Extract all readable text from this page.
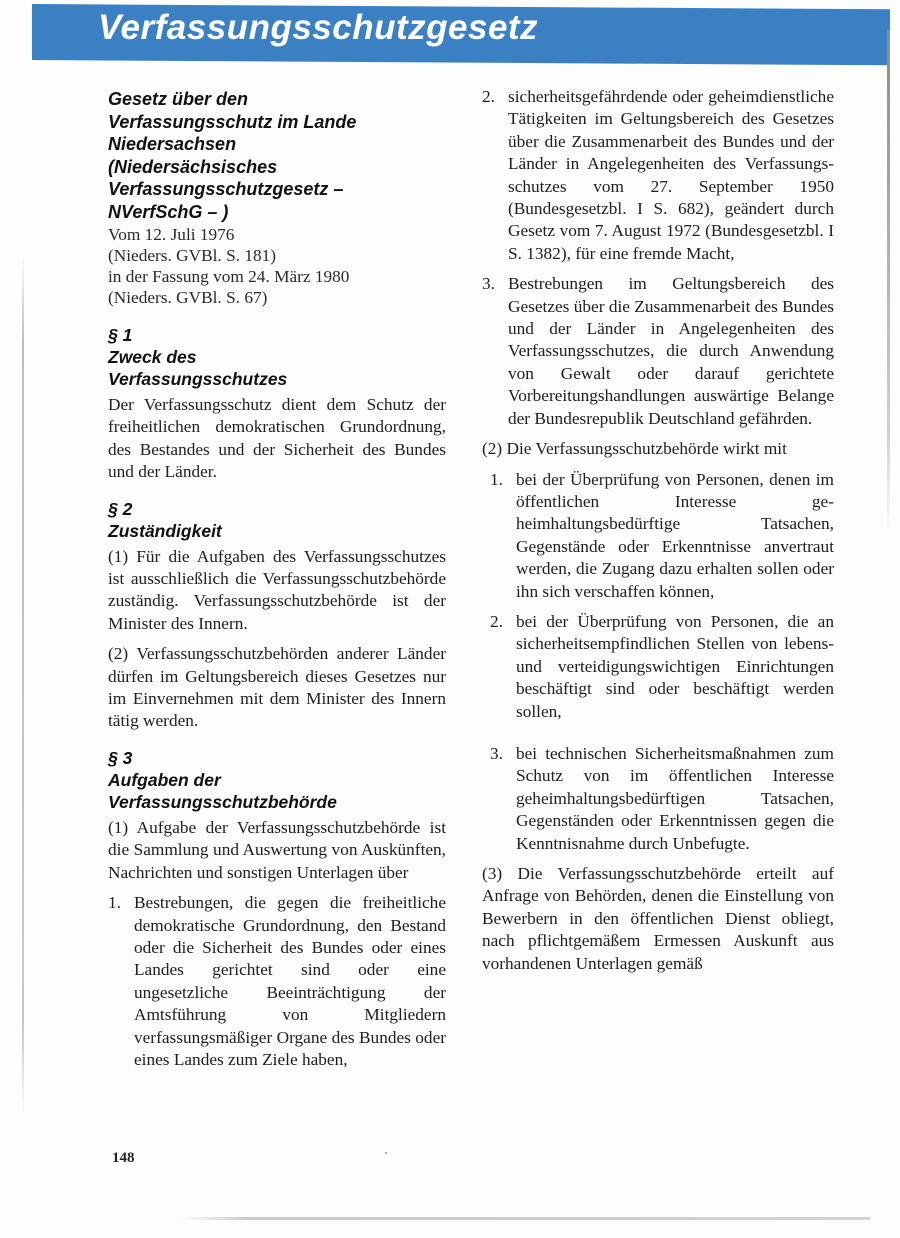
Verfassungsschutzgesetz

Gesetz über den
Verfassungsschutz im Lande
Niedersachsen
(Niedersächsisches
Verfassungsschutzgesetz –
NVerfSchG – )

Vom 12. Juli 1976
(Nieders. GVBl. S. 181)
in der Fassung vom 24. März 1980
(Nieders. GVBl. S. 67)

§ 1
Zweck des
Verfassungsschutzes

Der Verfassungsschutz dient dem Schutz der freiheitlichen demokratischen Grundordnung, des Bestandes und der Sicherheit des Bundes und der Länder.

§ 2
Zuständigkeit

(1) Für die Aufgaben des Verfassungsschutzes ist ausschließlich die Verfassungsschutzbehörde zuständig. Verfassungsschutzbehörde ist der Minister des Innern.

(2) Verfassungsschutzbehörden anderer Länder dürfen im Geltungsbereich dieses Gesetzes nur im Einvernehmen mit dem Minister des Innern tätig werden.

§ 3
Aufgaben der
Verfassungsschutzbehörde

(1) Aufgabe der Verfassungsschutzbehörde ist die Sammlung und Auswertung von Auskünften, Nachrichten und sonstigen Unterlagen über

1. Bestrebungen, die gegen die freiheitliche demokratische Grundordnung, den Bestand oder die Sicherheit des Bundes oder eines Landes gerichtet sind oder eine ungesetzliche Beeinträchtigung der Amtsführung von Mitgliedern verfassungsmäßiger Organe des Bundes oder eines Landes zum Ziele haben,
2. sicherheitsgefährdende oder geheimdienstliche Tätigkeiten im Geltungsbereich des Gesetzes über die Zusammenarbeit des Bundes und der Länder in Angelegenheiten des Verfassungsschutzes vom 27. September 1950 (Bundesgesetzbl. I S. 682), geändert durch Gesetz vom 7. August 1972 (Bundesgesetzbl. I S. 1382), für eine fremde Macht,
3. Bestrebungen im Geltungsbereich des Gesetzes über die Zusammenarbeit des Bundes und der Länder in Angelegenheiten des Verfassungsschutzes, die durch Anwendung von Gewalt oder darauf gerichtete Vorbereitungshandlungen auswärtige Belange der Bundesrepublik Deutschland gefährden.

(2) Die Verfassungsschutzbehörde wirkt mit

1. bei der Überprüfung von Personen, denen im öffentlichen Interesse geheimhaltungsbedürftige Tatsachen, Gegenstände oder Erkenntnisse anvertraut werden, die Zugang dazu erhalten sollen oder ihn sich verschaffen können,
2. bei der Überprüfung von Personen, die an sicherheitsempfindlichen Stellen von lebens- und verteidigungswichtigen Einrichtungen beschäftigt sind oder beschäftigt werden sollen,
3. bei technischen Sicherheitsmaßnahmen zum Schutz von im öffentlichen Interesse geheimhaltungsbedürftigen Tatsachen, Gegenständen oder Erkenntnissen gegen die Kenntnisnahme durch Unbefugte.

(3) Die Verfassungsschutzbehörde erteilt auf Anfrage von Behörden, denen die Einstellung von Bewerbern in den öffentlichen Dienst obliegt, nach pflichtgemäßem Ermessen Auskunft aus vorhandenen Unterlagen gemäß

148
